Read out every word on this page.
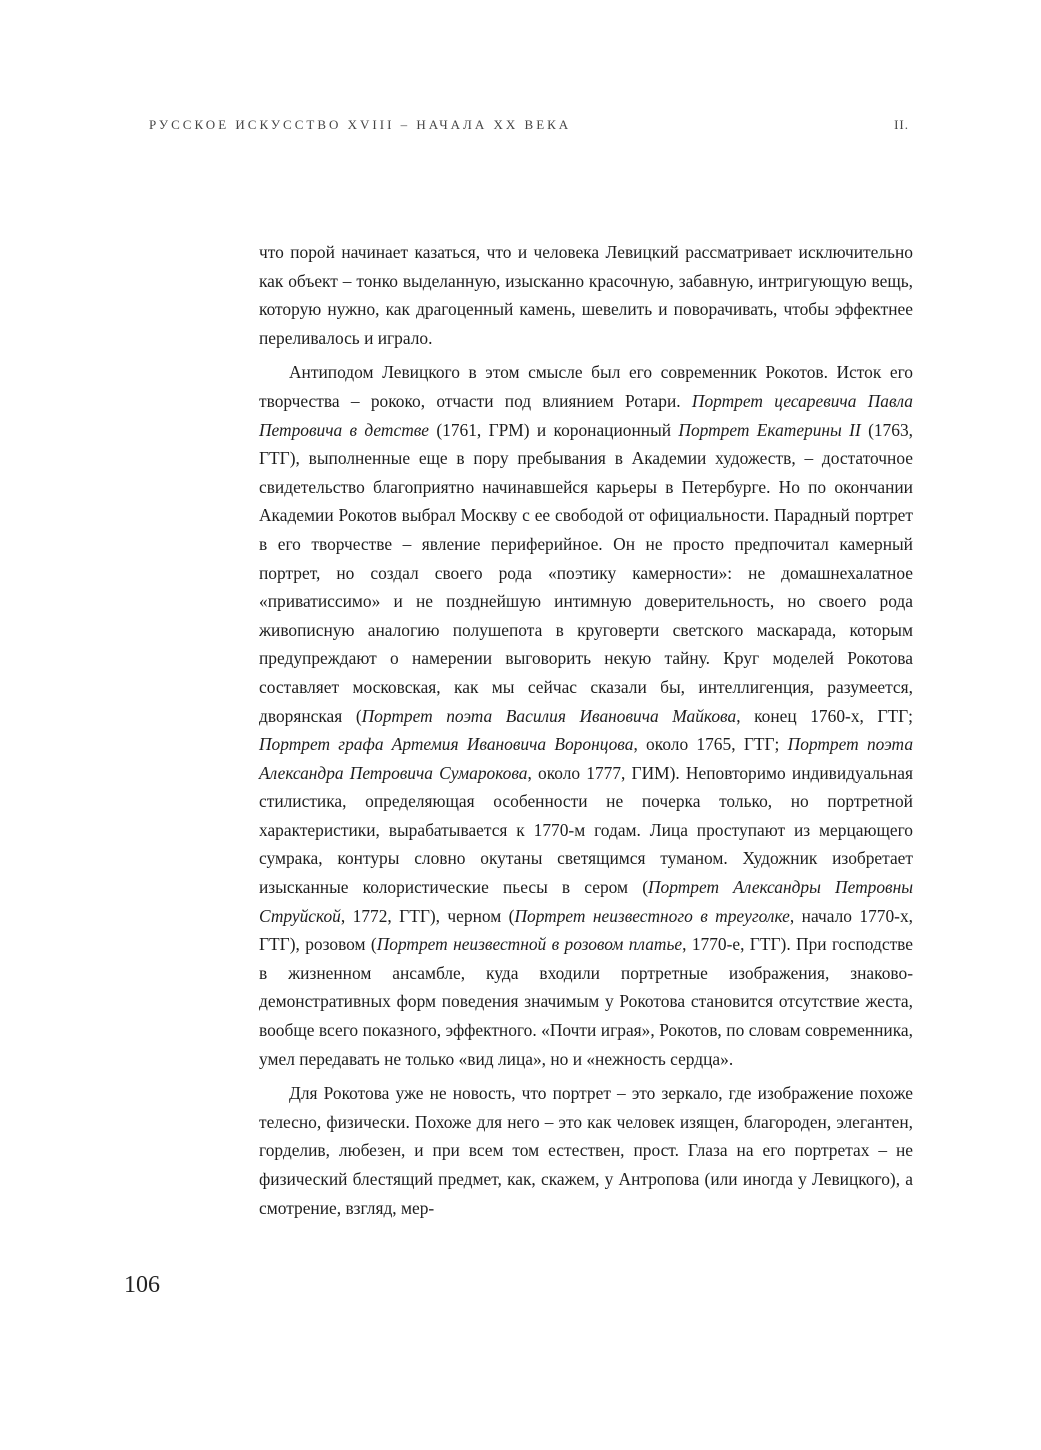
РУССКОЕ ИСКУССТВО XVIII – НАЧАЛА XX ВЕКА	II.

что порой начинает казаться, что и человека Левицкий рассматривает исключительно как объект – тонко выделанную, изысканно красочную, забавную, интригующую вещь, которую нужно, как драгоценный камень, шевелить и поворачивать, чтобы эффектнее переливалось и играло.

Антиподом Левицкого в этом смысле был его современник Рокотов. Исток его творчества – рококо, отчасти под влиянием Ротари. Портрет цесаревича Павла Петровича в детстве (1761, ГРМ) и коронационный Портрет Екатерины II (1763, ГТГ), выполненные еще в пору пребывания в Академии художеств, – достаточное свидетельство благоприятно начинавшейся карьеры в Петербурге. Но по окончании Академии Рокотов выбрал Москву с ее свободой от официальности. Парадный портрет в его творчестве – явление периферийное. Он не просто предпочитал камерный портрет, но создал своего рода «поэтику камерности»: не домашнехалатное «приватиссимо» и не позднейшую интимную доверительность, но своего рода живописную аналогию полушепота в круговерти светского маскарада, которым предупреждают о намерении выговорить некую тайну. Круг моделей Рокотова составляет московская, как мы сейчас сказали бы, интеллигенция, разумеется, дворянская (Портрет поэта Василия Ивановича Майкова, конец 1760-х, ГТГ; Портрет графа Артемия Ивановича Воронцова, около 1765, ГТГ; Портрет поэта Александра Петровича Сумарокова, около 1777, ГИМ). Неповторимо индивидуальная стилистика, определяющая особенности не почерка только, но портретной характеристики, вырабатывается к 1770-м годам. Лица проступают из мерцающего сумрака, контуры словно окутаны светящимся туманом. Художник изобретает изысканные колористические пьесы в сером (Портрет Александры Петровны Струйской, 1772, ГТГ), черном (Портрет неизвестного в треуголке, начало 1770-х, ГТГ), розовом (Портрет неизвестной в розовом платье, 1770-е, ГТГ). При господстве в жизненном ансамбле, куда входили портретные изображения, знаково-демонстративных форм поведения значимым у Рокотова становится отсутствие жеста, вообще всего показного, эффектного. «Почти играя», Рокотов, по словам современника, умел передавать не только «вид лица», но и «нежность сердца».

Для Рокотова уже не новость, что портрет – это зеркало, где изображение похоже телесно, физически. Похоже для него – это как человек изящен, благороден, элегантен, горделив, любезен, и при всем том естествен, прост. Глаза на его портретах – не физический блестящий предмет, как, скажем, у Антропова (или иногда у Левицкого), а смотрение, взгляд, мер-

106
